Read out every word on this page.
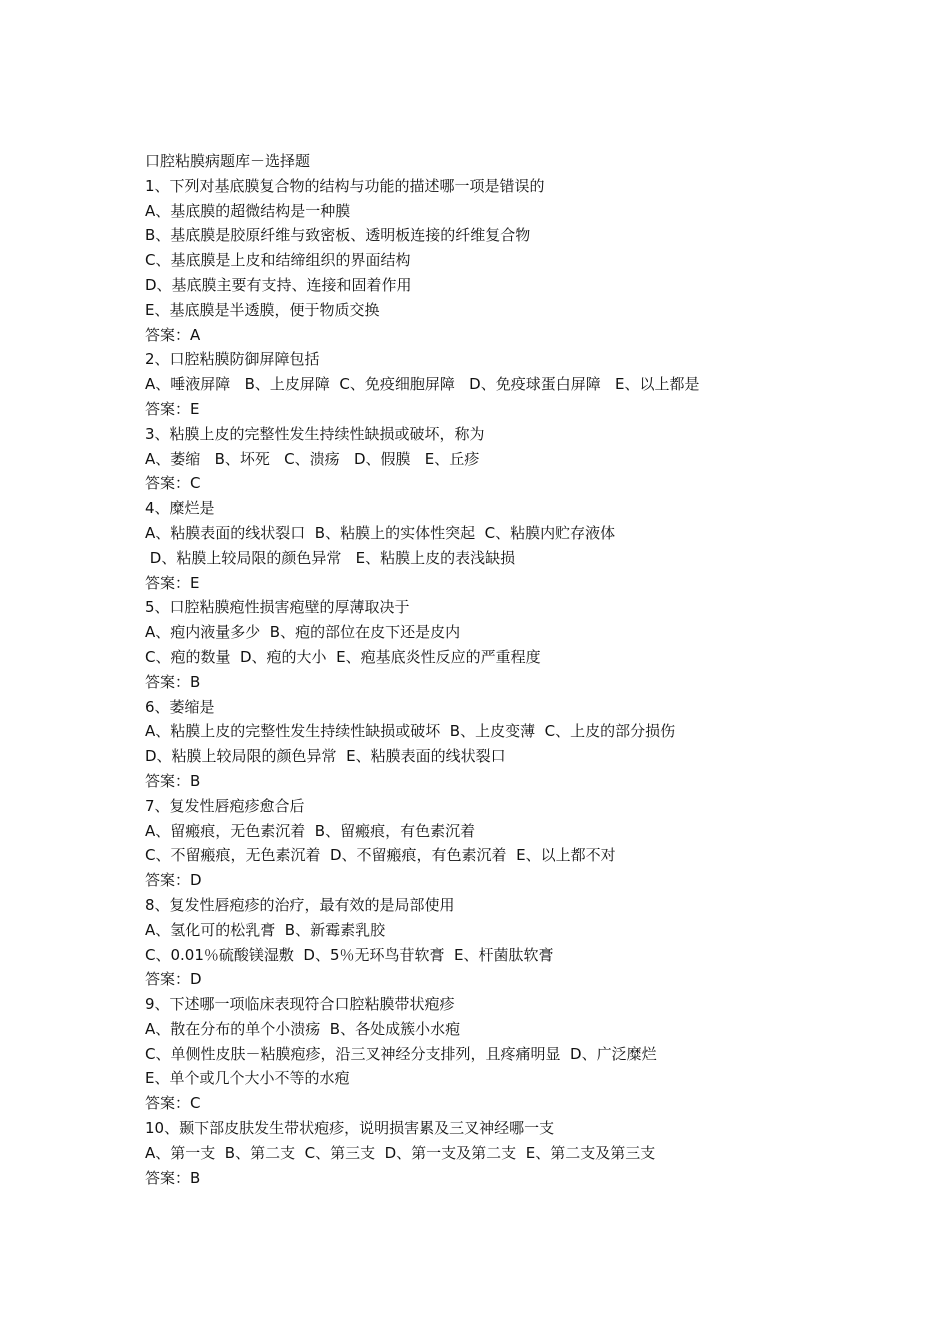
口腔粘膜病题库－选择题
1、下列对基底膜复合物的结构与功能的描述哪一项是错误的
A、基底膜的超微结构是一种膜
B、基底膜是胶原纤维与致密板、透明板连接的纤维复合物
C、基底膜是上皮和结缔组织的界面结构
D、基底膜主要有支持、连接和固着作用
E、基底膜是半透膜，便于物质交换
答案：A
2、口腔粘膜防御屏障包括
A、唾液屏障   B、上皮屏障  C、免疫细胞屏障   D、免疫球蛋白屏障   E、以上都是
答案：E
3、粘膜上皮的完整性发生持续性缺损或破坏，称为
A、萎缩   B、坏死   C、溃疡   D、假膜   E、丘疹
答案：C
4、糜烂是
A、粘膜表面的线状裂口  B、粘膜上的实体性突起  C、粘膜内贮存液体
D、粘膜上较局限的颜色异常   E、粘膜上皮的表浅缺损
答案：E
5、口腔粘膜疱性损害疱壁的厚薄取决于
A、疱内液量多少  B、疱的部位在皮下还是皮内
C、疱的数量  D、疱的大小  E、疱基底炎性反应的严重程度
答案：B
6、萎缩是
A、粘膜上皮的完整性发生持续性缺损或破坏  B、上皮变薄  C、上皮的部分损伤
D、粘膜上较局限的颜色异常  E、粘膜表面的线状裂口
答案：B
7、复发性唇疱疹愈合后
A、留瘢痕，无色素沉着  B、留瘢痕，有色素沉着
C、不留瘢痕，无色素沉着  D、不留瘢痕，有色素沉着  E、以上都不对
答案：D
8、复发性唇疱疹的治疗，最有效的是局部使用
A、氢化可的松乳膏  B、新霉素乳胶
C、0.01％硫酸镁湿敷  D、5％无环鸟苷软膏  E、杆菌肽软膏
答案：D
9、下述哪一项临床表现符合口腔粘膜带状疱疹
A、散在分布的单个小溃疡  B、各处成簇小水疱
C、单侧性皮肤－粘膜疱疹，沿三叉神经分支排列，且疼痛明显  D、广泛糜烂
E、单个或几个大小不等的水疱
答案：C
10、颞下部皮肤发生带状疱疹，说明损害累及三叉神经哪一支
A、第一支  B、第二支  C、第三支  D、第一支及第二支  E、第二支及第三支
答案：B
